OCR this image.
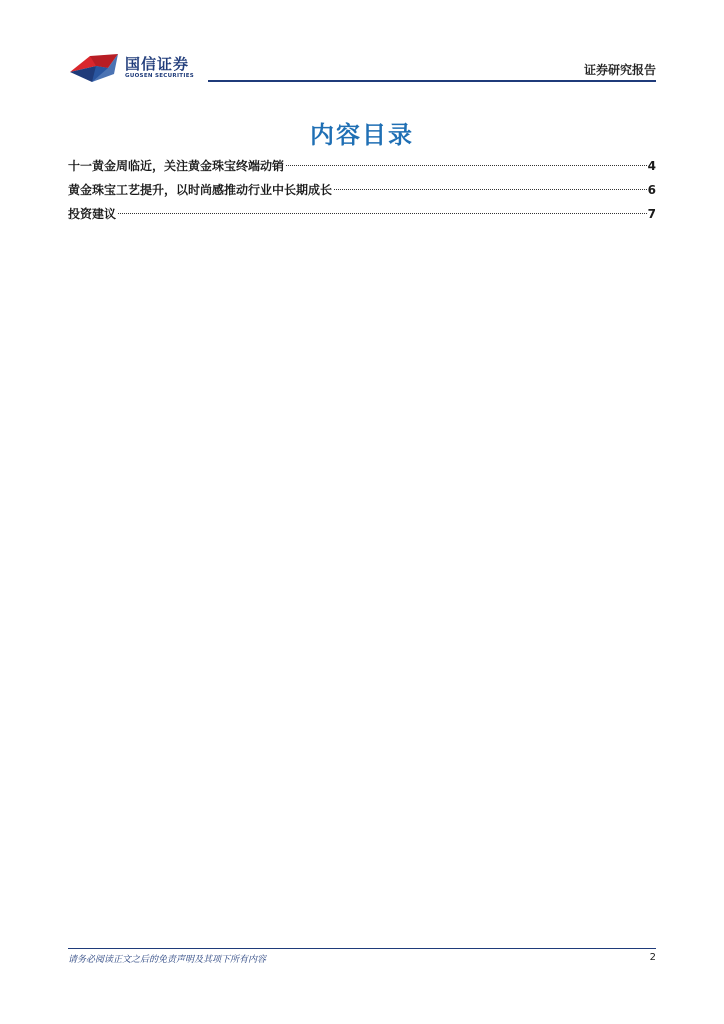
国信证券
GUOSEN SECURITIES	证券研究报告
内容目录
十一黄金周临近，关注黄金珠宝终端动销	4
黄金珠宝工艺提升，以时尚感推动行业中长期成长	6
投资建议	7
请务必阅读正文之后的免责声明及其项下所有内容	2
